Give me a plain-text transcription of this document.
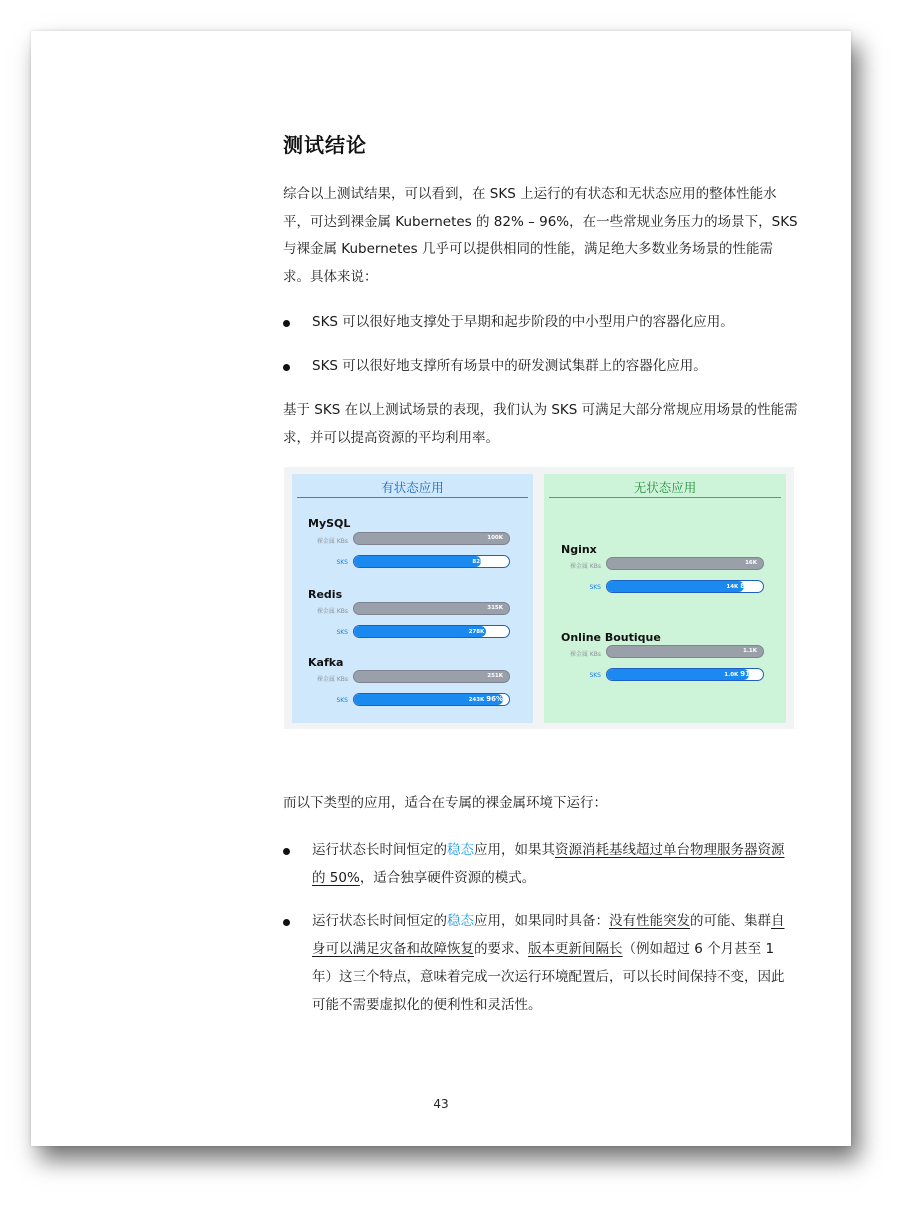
测试结论
综合以上测试结果，可以看到，在 SKS 上运行的有状态和无状态应用的整体性能水平，可达到裸金属 Kubernetes 的 82% – 96%，在一些常规业务压力的场景下，SKS 与裸金属 Kubernetes 几乎可以提供相同的性能，满足绝大多数业务场景的性能需求。具体来说：
SKS 可以很好地支撑处于早期和起步阶段的中小型用户的容器化应用。
SKS 可以很好地支撑所有场景中的研发测试集群上的容器化应用。
基于 SKS 在以上测试场景的表现，我们认为 SKS 可满足大部分常规应用场景的性能需求，并可以提高资源的平均利用率。
而以下类型的应用，适合在专属的裸金属环境下运行：
运行状态长时间恒定的稳态应用，如果其资源消耗基线超过单台物理服务器资源的 50%，适合独享硬件资源的模式。
运行状态长时间恒定的稳态应用，如果同时具备：没有性能突发的可能、集群自身可以满足灾备和故障恢复的要求、版本更新间隔长（例如超过 6 个月甚至 1 年）这三个特点，意味着完成一次运行环境配置后，可以长时间保持不变，因此可能不需要虚拟化的便利性和灵活性。
有状态应用
MySQL
裸金属 KBs	100K
SKS	82K 82%
Redis
裸金属 KBs	315K
SKS	278K 85%
Kafka
裸金属 KBs	251K
SKS	243K 96%
无状态应用
Nginx
裸金属 KBs	16K
SKS	14K 88%
Online Boutique
裸金属 KBs	1.1K
SKS	1.0K 91%
43
